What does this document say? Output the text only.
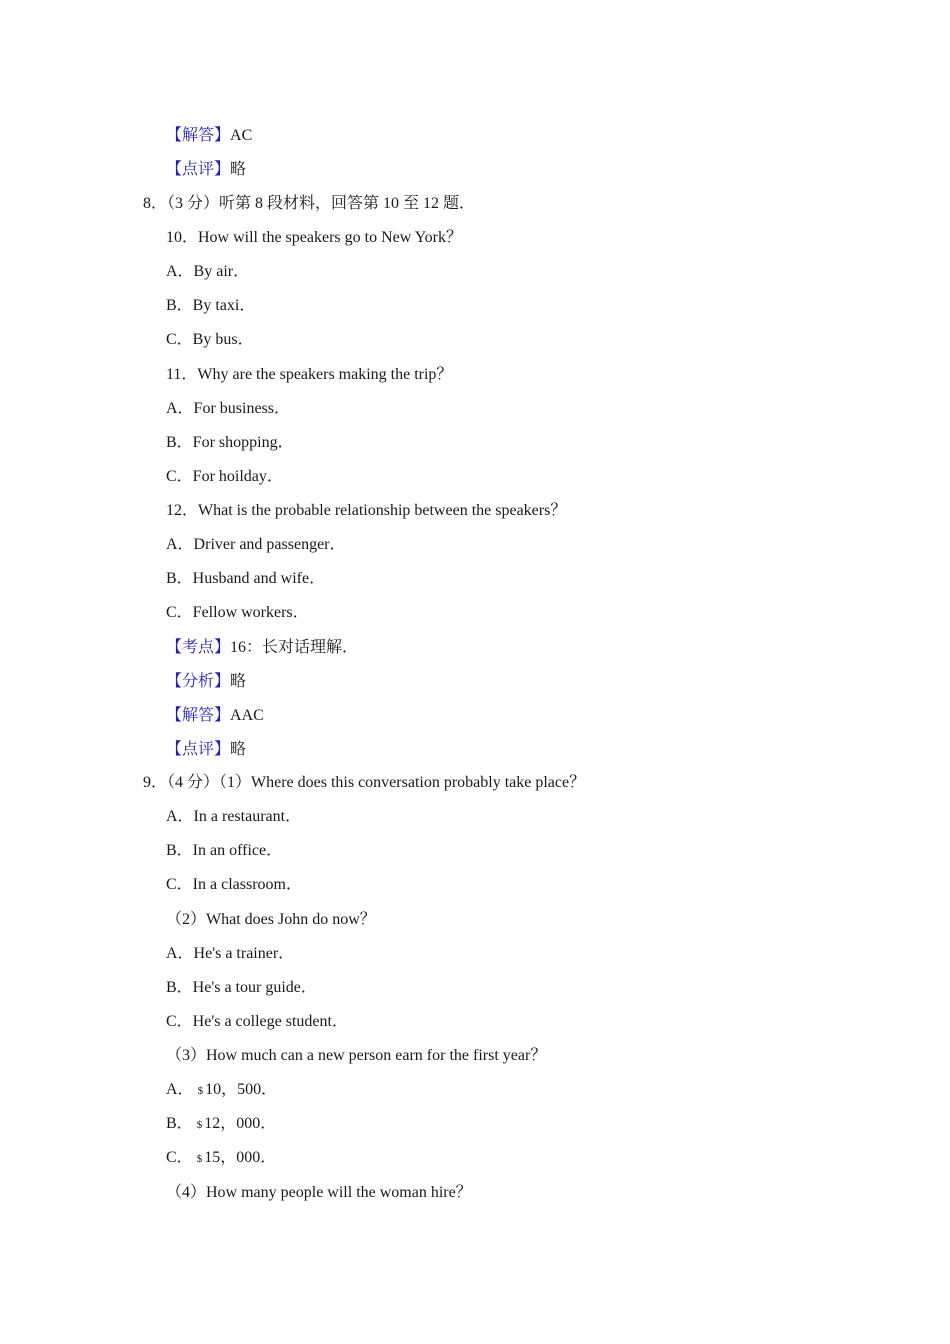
【解答】AC
【点评】略
8．（3 分）听第 8 段材料，回答第 10 至 12 题．
10．How will the speakers go to New York？
A．By air．
B．By taxi．
C．By bus．
11．Why are the speakers making the trip？
A．For business．
B．For shopping．
C．For hoilday．
12．What is the probable relationship between the speakers？
A．Driver and passenger．
B．Husband and wife．
C．Fellow workers．
【考点】16：长对话理解．
【分析】略
【解答】AAC
【点评】略
9．（4 分）（1）Where does this conversation probably take place？
A．In a restaurant．
B．In an office．
C．In a classroom．
（2）What does John do now？
A．He's a trainer．
B．He's a tour guide．
C．He's a college student．
（3）How much can a new person earn for the first year？
A． $ 10，500．
B． $ 12，000．
C． $ 15，000．
（4）How many people will the woman hire？
